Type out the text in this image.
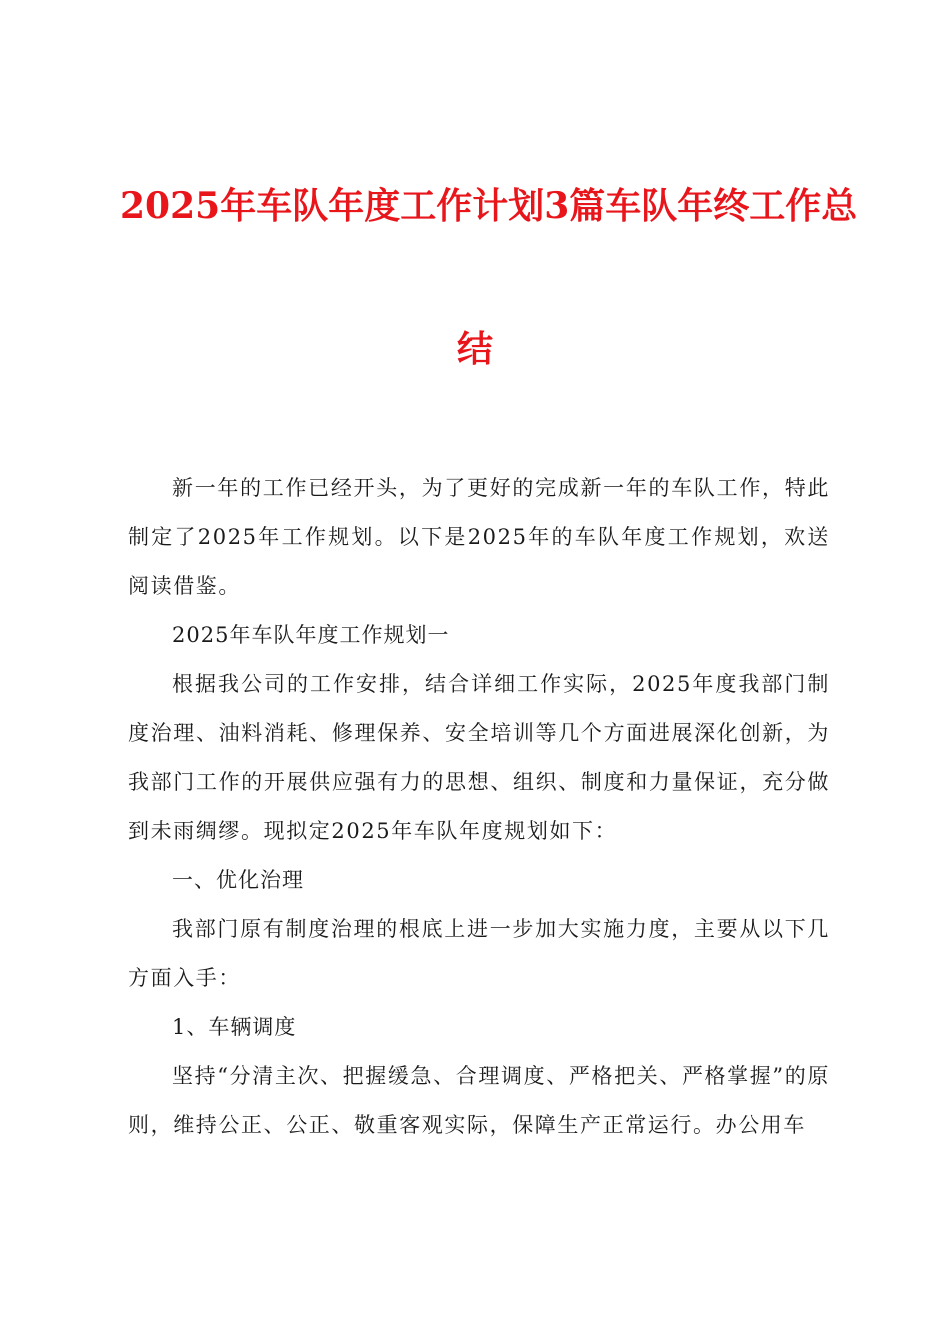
2025年车队年度工作计划3篇车队年终工作总
结

新一年的工作已经开头，为了更好的完成新一年的车队工作，特此制定了2025年工作规划。以下是2025年的车队年度工作规划，欢送阅读借鉴。

2025年车队年度工作规划一

根据我公司的工作安排，结合详细工作实际，2025年度我部门制度治理、油料消耗、修理保养、安全培训等几个方面进展深化创新，为我部门工作的开展供应强有力的思想、组织、制度和力量保证，充分做到未雨绸缪。现拟定2025年车队年度规划如下：

一、优化治理

我部门原有制度治理的根底上进一步加大实施力度，主要从以下几方面入手：

1、车辆调度

坚持“分清主次、把握缓急、合理调度、严格把关、严格掌握”的原则，维持公正、公正、敬重客观实际，保障生产正常运行。办公用车
